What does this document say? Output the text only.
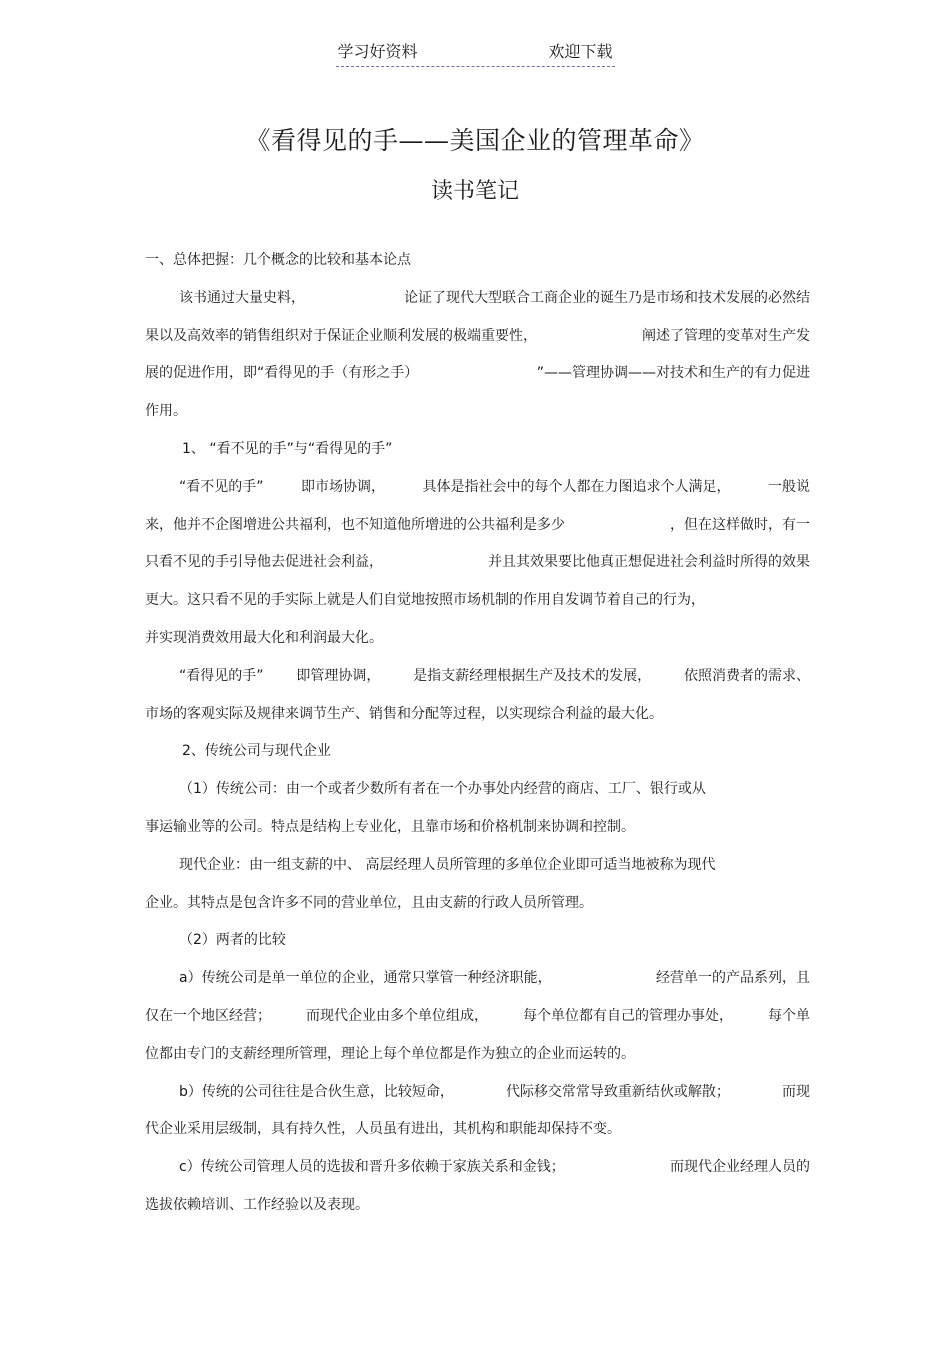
学习好资料	欢迎下载
《看得见的手——美国企业的管理革命》
读书笔记
一、总体把握：几个概念的比较和基本论点
该书通过大量史料，	论证了现代大型联合工商企业的诞生乃是市场和技术发展的必然结
果以及高效率的销售组织对于保证企业顺利发展的极端重要性，	阐述了管理的变革对生产发
展的促进作用，即“看得见的手（有形之手）	”——管理协调——对技术和生产的有力促进
作用。
1、 “看不见的手”与“看得见的手”
“看不见的手”	即市场协调，	具体是指社会中的每个人都在力图追求个人满足，	一般说
来，他并不企图增进公共福利，也不知道他所增进的公共福利是多少	，但在这样做时，有一
只看不见的手引导他去促进社会利益，	并且其效果要比他真正想促进社会利益时所得的效果
更大。这只看不见的手实际上就是人们自觉地按照市场机制的作用自发调节着自己的行为，
并实现消费效用最大化和利润最大化。
“看得见的手” 即管理协调， 是指支薪经理根据生产及技术的发展， 依照消费者的需求、
市场的客观实际及规律来调节生产、销售和分配等过程，以实现综合利益的最大化。
2、传统公司与现代企业
（1）传统公司：由一个或者少数所有者在一个办事处内经营的商店、工厂、银行或从
事运输业等的公司。特点是结构上专业化，且靠市场和价格机制来协调和控制。
现代企业：由一组支薪的中、 高层经理人员所管理的多单位企业即可适当地被称为现代
企业。其特点是包含许多不同的营业单位，且由支薪的行政人员所管理。
（2）两者的比较
a）传统公司是单一单位的企业，通常只掌管一种经济职能，	经营单一的产品系列，且
仅在一个地区经营；	而现代企业由多个单位组成，	每个单位都有自己的管理办事处，	每个单
位都由专门的支薪经理所管理，理论上每个单位都是作为独立的企业而运转的。
b）传统的公司往往是合伙生意，比较短命，	代际移交常常导致重新结伙或解散；	而现
代企业采用层级制，具有持久性，人员虽有进出，其机构和职能却保持不变。
c）传统公司管理人员的选拔和晋升多依赖于家族关系和金钱；	而现代企业经理人员的
选拔依赖培训、工作经验以及表现。
